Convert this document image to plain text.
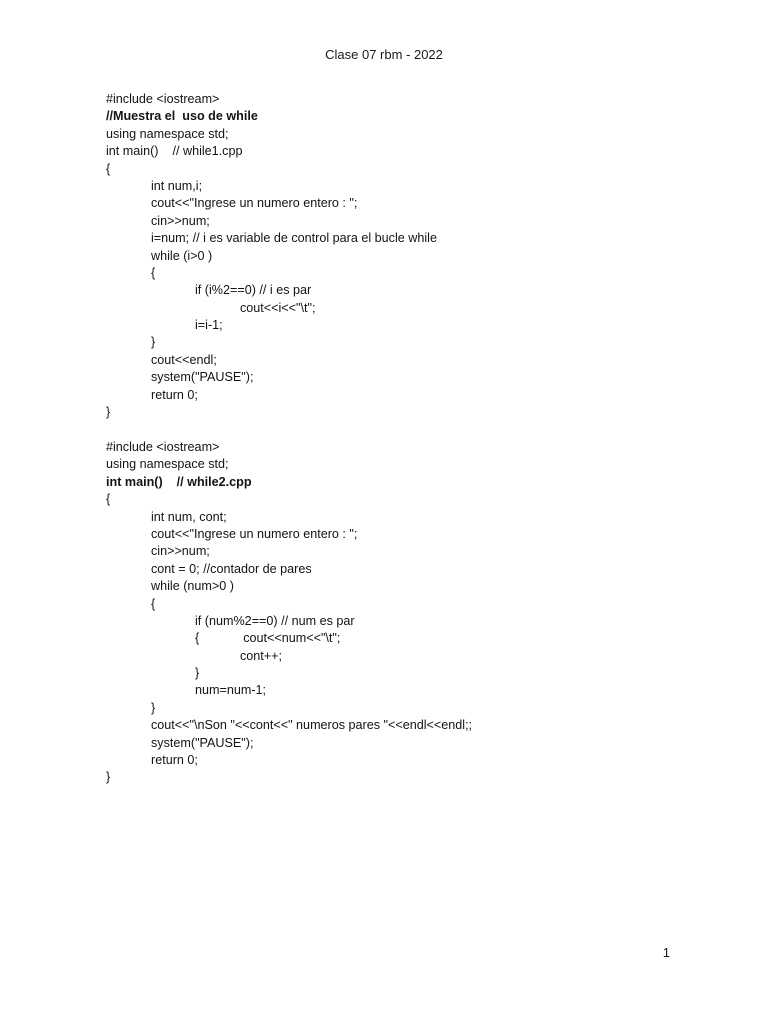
Clase 07 rbm - 2022
#include <iostream>
//Muestra el  uso de while
using namespace std;
int main()    // while1.cpp
{
int num,i;
cout<<"Ingrese un numero entero : ";
cin>>num;
i=num; // i es variable de control para el bucle while
while (i>0 )
{
if (i%2==0) // i es par
cout<<i<<"\t";
i=i-1;
}
cout<<endl;
system("PAUSE");
return 0;
}
#include <iostream>
using namespace std;
int main()    // while2.cpp
{
int num, cont;
cout<<"Ingrese un numero entero : ";
cin>>num;
cont = 0; //contador de pares
while (num>0 )
{
if (num%2==0) // num es par
{	cout<<num<<"\t";
cont++;
}
num=num-1;
}
cout<<"\nSon "<<cont<<" numeros pares "<<endl<<endl;;
system("PAUSE");
return 0;
}
1
